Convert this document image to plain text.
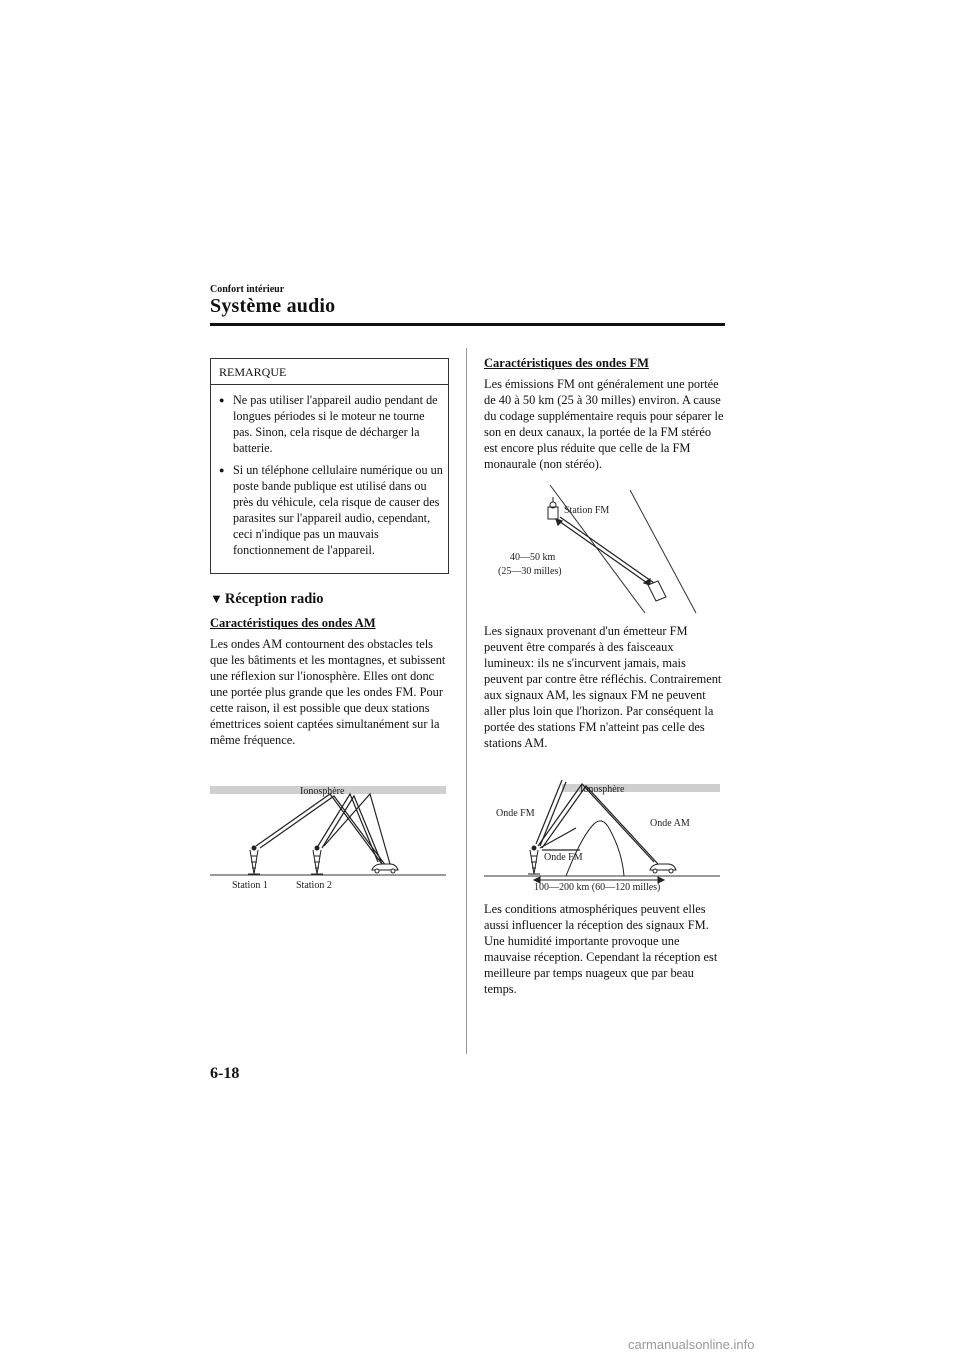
Confort intérieur
Système audio
REMARQUE
● Ne pas utiliser l'appareil audio pendant de longues périodes si le moteur ne tourne pas. Sinon, cela risque de décharger la batterie.
● Si un téléphone cellulaire numérique ou un poste bande publique est utilisé dans ou près du véhicule, cela risque de causer des parasites sur l'appareil audio, cependant, ceci n'indique pas un mauvais fonctionnement de l'appareil.
▼ Réception radio
Caractéristiques des ondes AM
Les ondes AM contournent des obstacles tels que les bâtiments et les montagnes, et subissent une réflexion sur l'ionosphère. Elles ont donc une portée plus grande que les ondes FM. Pour cette raison, il est possible que deux stations émettrices soient captées simultanément sur la même fréquence.
Ionosphère
Station 1	Station 2
Caractéristiques des ondes FM
Les émissions FM ont généralement une portée de 40 à 50 km (25 à 30 milles) environ. A cause du codage supplémentaire requis pour séparer le son en deux canaux, la portée de la FM stéréo est encore plus réduite que celle de la FM monaurale (non stéréo).
Station FM
40—50 km
(25—30 milles)
Les signaux provenant d'un émetteur FM peuvent être comparés à des faisceaux lumineux: ils ne s'incurvent jamais, mais peuvent par contre être réfléchis. Contrairement aux signaux AM, les signaux FM ne peuvent aller plus loin que l'horizon. Par conséquent la portée des stations FM n'atteint pas celle des stations AM.
Ionosphère
Onde FM
Onde AM
Onde FM
100—200 km (60—120 milles)
Les conditions atmosphériques peuvent elles aussi influencer la réception des signaux FM. Une humidité importante provoque une mauvaise réception. Cependant la réception est meilleure par temps nuageux que par beau temps.
6-18
carmanualsonline.info
